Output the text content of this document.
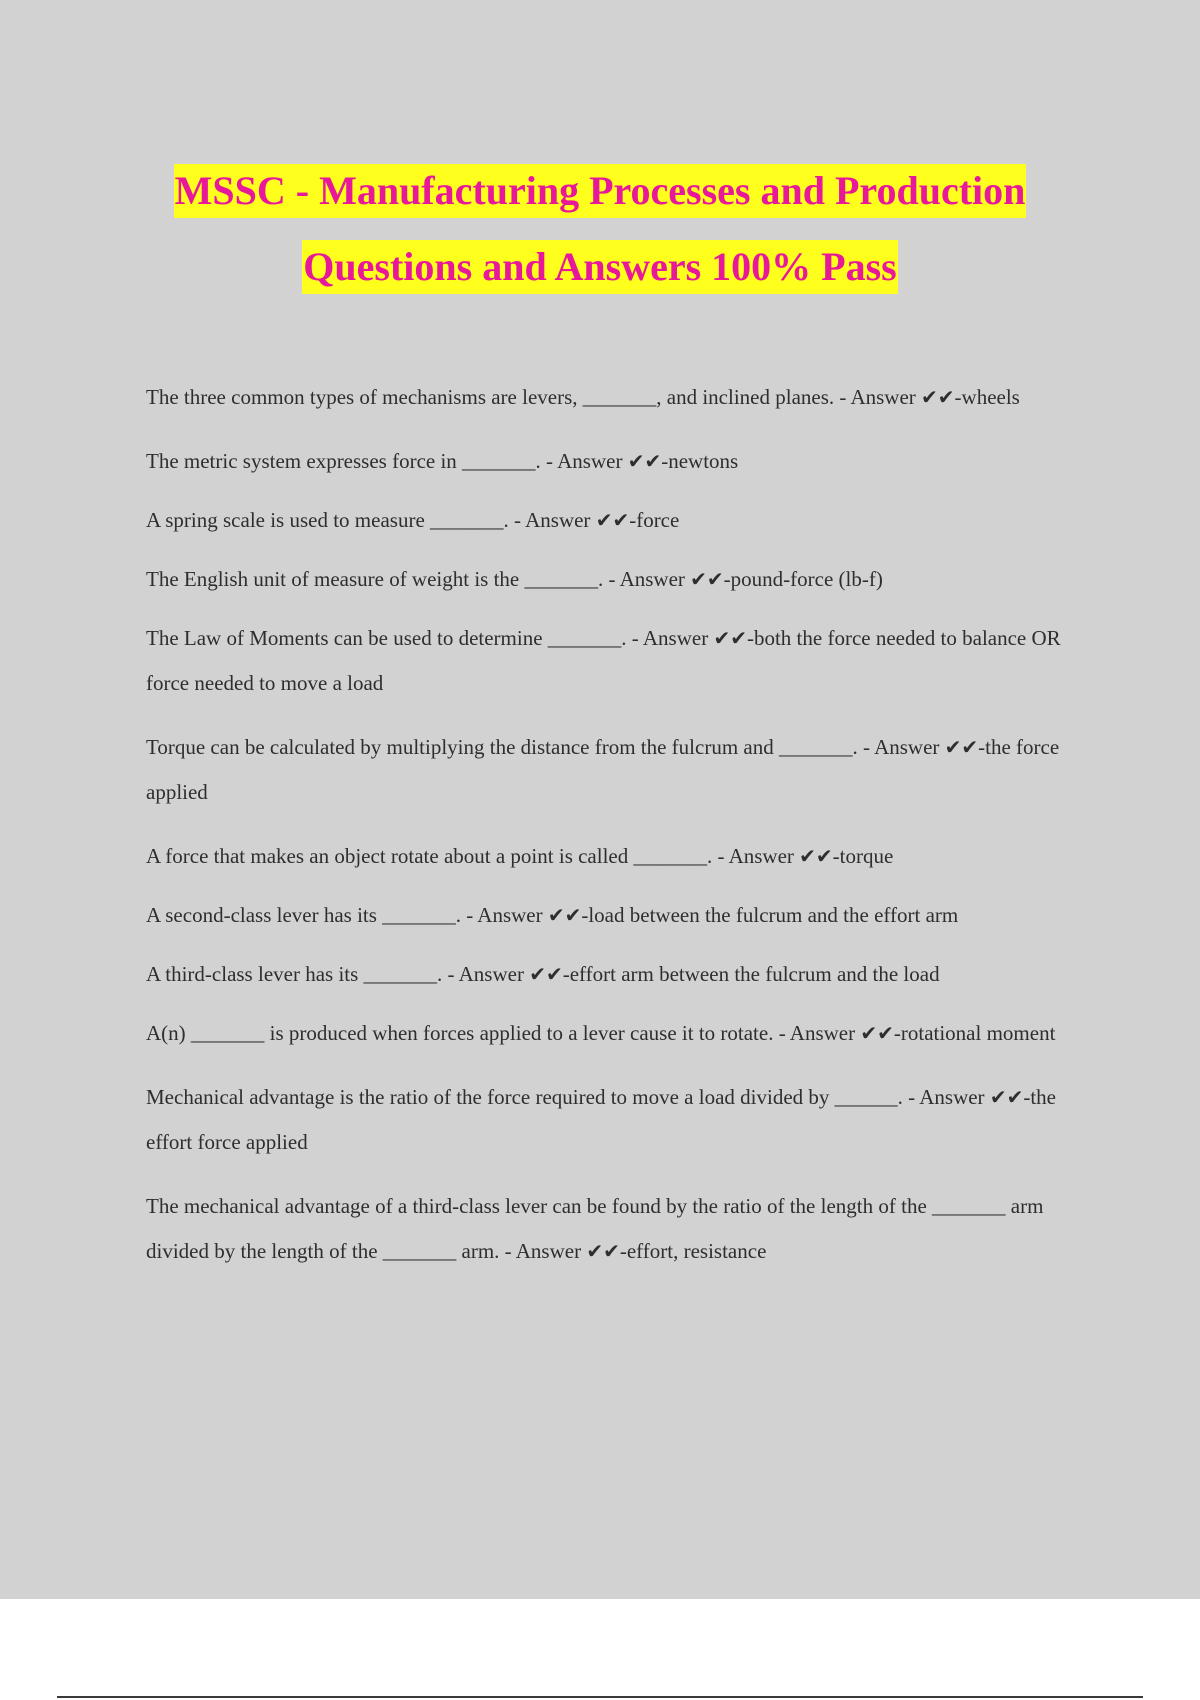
MSSC - Manufacturing Processes and Production
Questions and Answers 100% Pass

The three common types of mechanisms are levers, _______, and inclined planes. - Answer ✔✔-wheels

The metric system expresses force in _______. - Answer ✔✔-newtons

A spring scale is used to measure _______. - Answer ✔✔-force

The English unit of measure of weight is the _______. - Answer ✔✔-pound-force (lb-f)

The Law of Moments can be used to determine _______. - Answer ✔✔-both the force needed to balance OR force needed to move a load

Torque can be calculated by multiplying the distance from the fulcrum and _______. - Answer ✔✔-the force applied

A force that makes an object rotate about a point is called _______. - Answer ✔✔-torque

A second-class lever has its _______. - Answer ✔✔-load between the fulcrum and the effort arm

A third-class lever has its _______. - Answer ✔✔-effort arm between the fulcrum and the load

A(n) _______ is produced when forces applied to a lever cause it to rotate. - Answer ✔✔-rotational moment

Mechanical advantage is the ratio of the force required to move a load divided by ______. - Answer ✔✔-the effort force applied

The mechanical advantage of a third-class lever can be found by the ratio of the length of the _______ arm divided by the length of the _______ arm. - Answer ✔✔-effort, resistance
